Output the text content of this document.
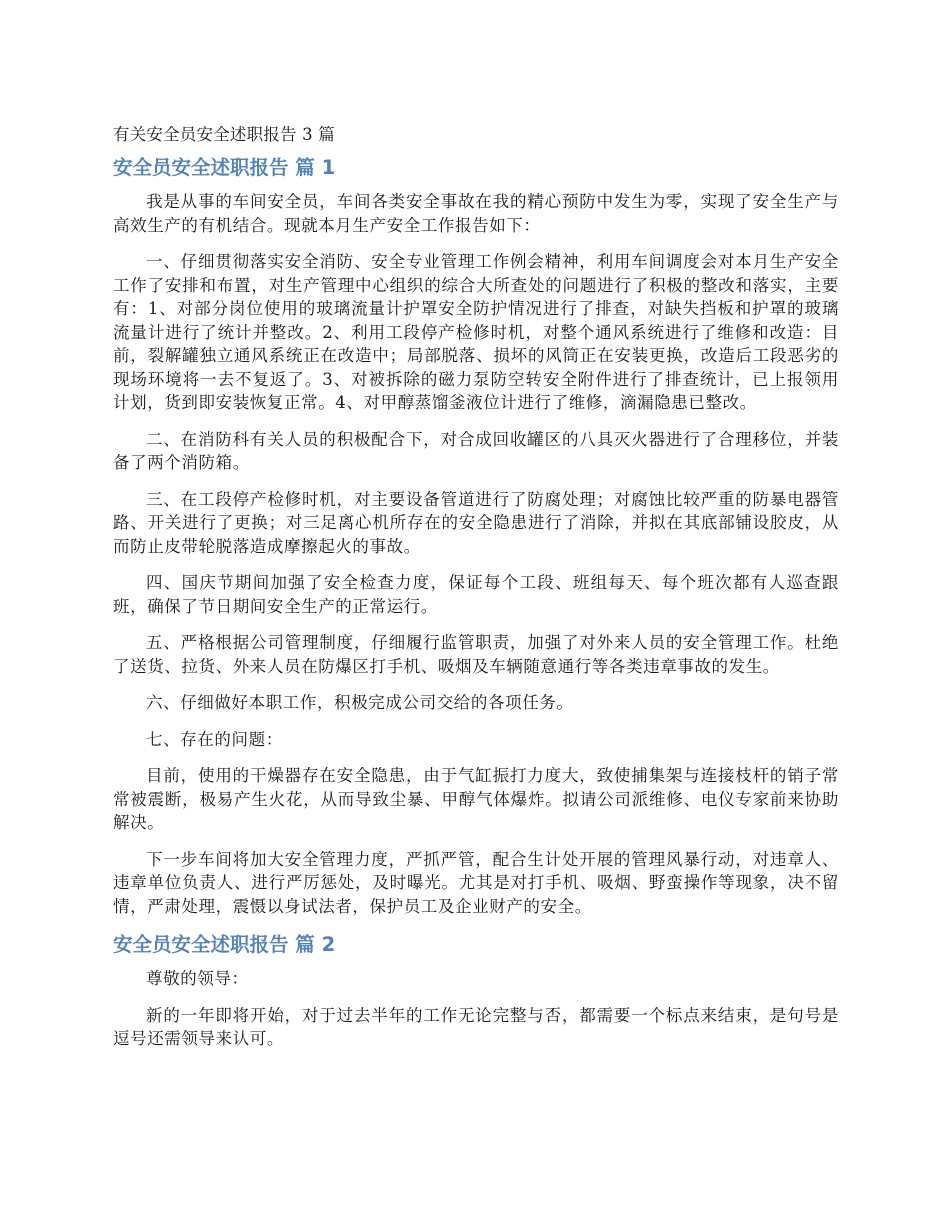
有关安全员安全述职报告 3 篇
安全员安全述职报告 篇 1

我是从事的车间安全员，车间各类安全事故在我的精心预防中发生为零，实现了安全生产与高效生产的有机结合。现就本月生产安全工作报告如下：

一、仔细贯彻落实安全消防、安全专业管理工作例会精神，利用车间调度会对本月生产安全工作了安排和布置，对生产管理中心组织的综合大所查处的问题进行了积极的整改和落实，主要有：1、对部分岗位使用的玻璃流量计护罩安全防护情况进行了排查，对缺失挡板和护罩的玻璃流量计进行了统计并整改。2、利用工段停产检修时机，对整个通风系统进行了维修和改造：目前，裂解罐独立通风系统正在改造中；局部脱落、损坏的风筒正在安装更换，改造后工段恶劣的现场环境将一去不复返了。3、对被拆除的磁力泵防空转安全附件进行了排查统计，已上报领用计划，货到即安装恢复正常。4、对甲醇蒸馏釜液位计进行了维修，滴漏隐患已整改。

二、在消防科有关人员的积极配合下，对合成回收罐区的八具灭火器进行了合理移位，并装备了两个消防箱。

三、在工段停产检修时机，对主要设备管道进行了防腐处理；对腐蚀比较严重的防暴电器管路、开关进行了更换；对三足离心机所存在的安全隐患进行了消除，并拟在其底部铺设胶皮，从而防止皮带轮脱落造成摩擦起火的事故。

四、国庆节期间加强了安全检查力度，保证每个工段、班组每天、每个班次都有人巡查跟班，确保了节日期间安全生产的正常运行。

五、严格根据公司管理制度，仔细履行监管职责，加强了对外来人员的安全管理工作。杜绝了送货、拉货、外来人员在防爆区打手机、吸烟及车辆随意通行等各类违章事故的发生。

六、仔细做好本职工作，积极完成公司交给的各项任务。

七、存在的问题：

目前，使用的干燥器存在安全隐患，由于气缸振打力度大，致使捕集架与连接枝杆的销子常常被震断，极易产生火花，从而导致尘暴、甲醇气体爆炸。拟请公司派维修、电仪专家前来协助解决。

下一步车间将加大安全管理力度，严抓严管，配合生计处开展的管理风暴行动，对违章人、违章单位负责人、进行严厉惩处，及时曝光。尤其是对打手机、吸烟、野蛮操作等现象，决不留情，严肃处理，震慑以身试法者，保护员工及企业财产的安全。

安全员安全述职报告 篇 2

尊敬的领导：

新的一年即将开始，对于过去半年的工作无论完整与否，都需要一个标点来结束，是句号是逗号还需领导来认可。
